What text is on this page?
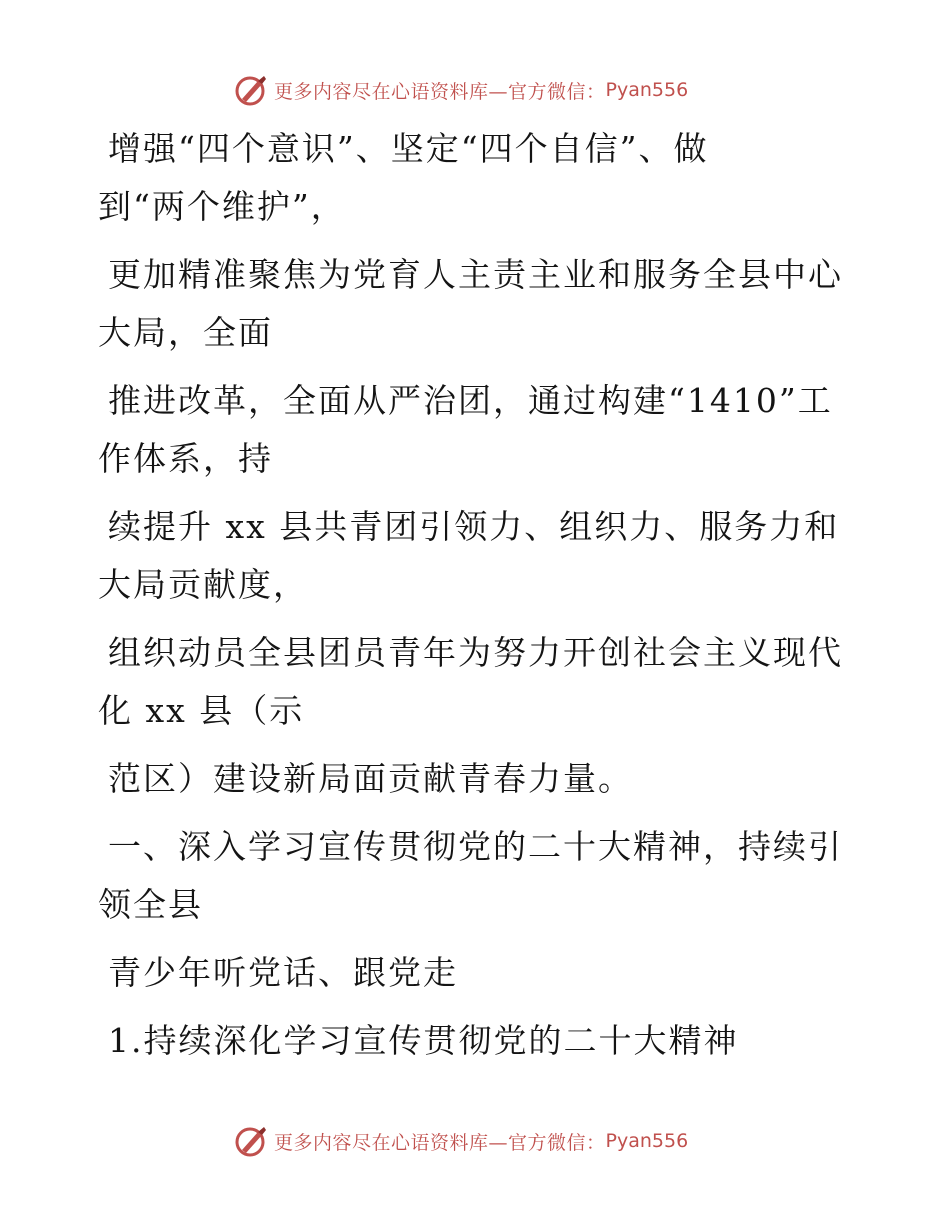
更多内容尽在心语资料库—官方微信： Pyan556
增强“四个意识”、坚定“四个自信”、做
到“两个维护”，
更加精准聚焦为党育人主责主业和服务全县中心
大局，全面
推进改革，全面从严治团，通过构建“1410”工
作体系，持
续提升 xx 县共青团引领力、组织力、服务力和
大局贡献度，
组织动员全县团员青年为努力开创社会主义现代
化 xx 县（示
范区）建设新局面贡献青春力量。
一、深入学习宣传贯彻党的二十大精神，持续引
领全县
青少年听党话、跟党走
1.持续深化学习宣传贯彻党的二十大精神
更多内容尽在心语资料库—官方微信： Pyan556
